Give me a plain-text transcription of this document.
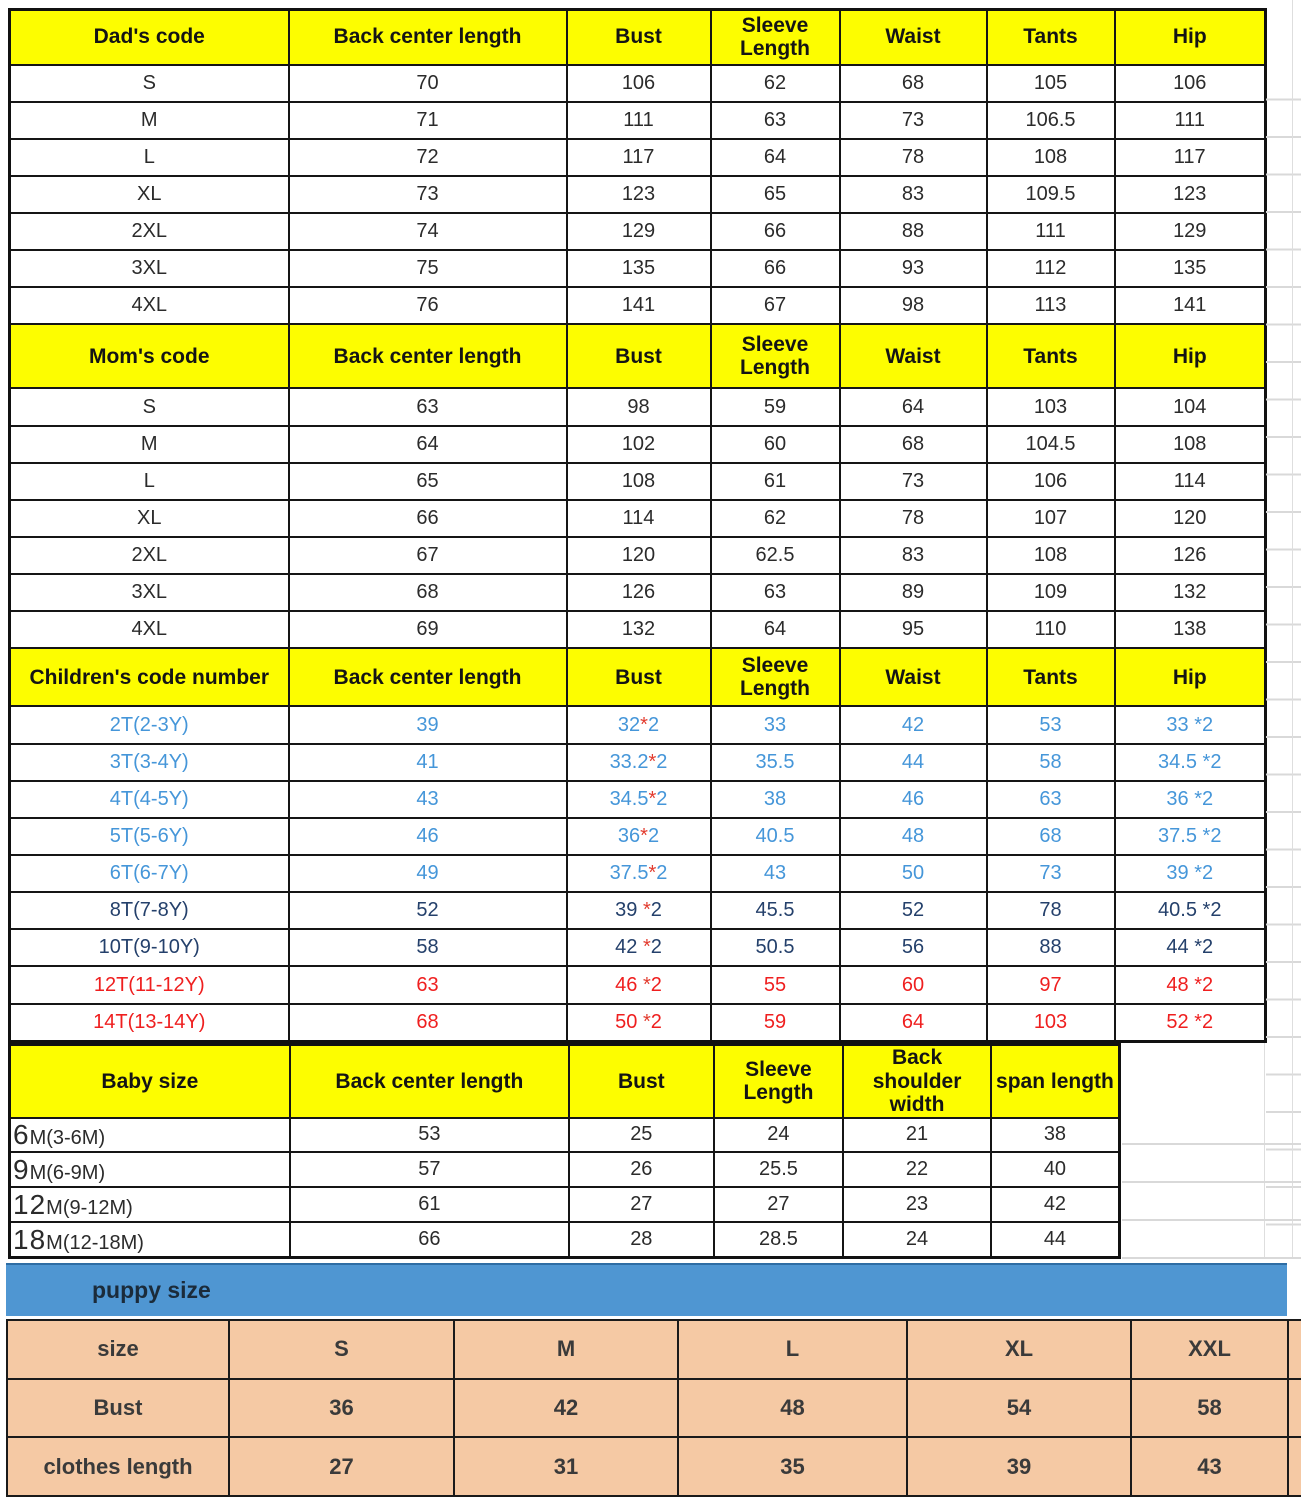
Dad's code	Back center length	Bust	Sleeve Length	Waist	Tants	Hip
S	70	106	62	68	105	106
M	71	111	63	73	106.5	111
L	72	117	64	78	108	117
XL	73	123	65	83	109.5	123
2XL	74	129	66	88	111	129
3XL	75	135	66	93	112	135
4XL	76	141	67	98	113	141
Mom's code	Back center length	Bust	Sleeve Length	Waist	Tants	Hip
S	63	98	59	64	103	104
M	64	102	60	68	104.5	108
L	65	108	61	73	106	114
XL	66	114	62	78	107	120
2XL	67	120	62.5	83	108	126
3XL	68	126	63	89	109	132
4XL	69	132	64	95	110	138
Children's code number	Back center length	Bust	Sleeve Length	Waist	Tants	Hip
2T(2-3Y)	39	32*2	33	42	53	33 *2
3T(3-4Y)	41	33.2*2	35.5	44	58	34.5 *2
4T(4-5Y)	43	34.5*2	38	46	63	36 *2
5T(5-6Y)	46	36*2	40.5	48	68	37.5 *2
6T(6-7Y)	49	37.5*2	43	50	73	39 *2
8T(7-8Y)	52	39 *2	45.5	52	78	40.5 *2
10T(9-10Y)	58	42 *2	50.5	56	88	44 *2
12T(11-12Y)	63	46 *2	55	60	97	48 *2
14T(13-14Y)	68	50 *2	59	64	103	52 *2
Baby size	Back center length	Bust	Sleeve Length	Back shoulder width	span length
6M(3-6M)	53	25	24	21	38
9M(6-9M)	57	26	25.5	22	40
12M(9-12M)	61	27	27	23	42
18M(12-18M)	66	28	28.5	24	44
puppy size
size	S	M	L	XL	XXL	
Bust	36	42	48	54	58	
clothes length	27	31	35	39	43	
